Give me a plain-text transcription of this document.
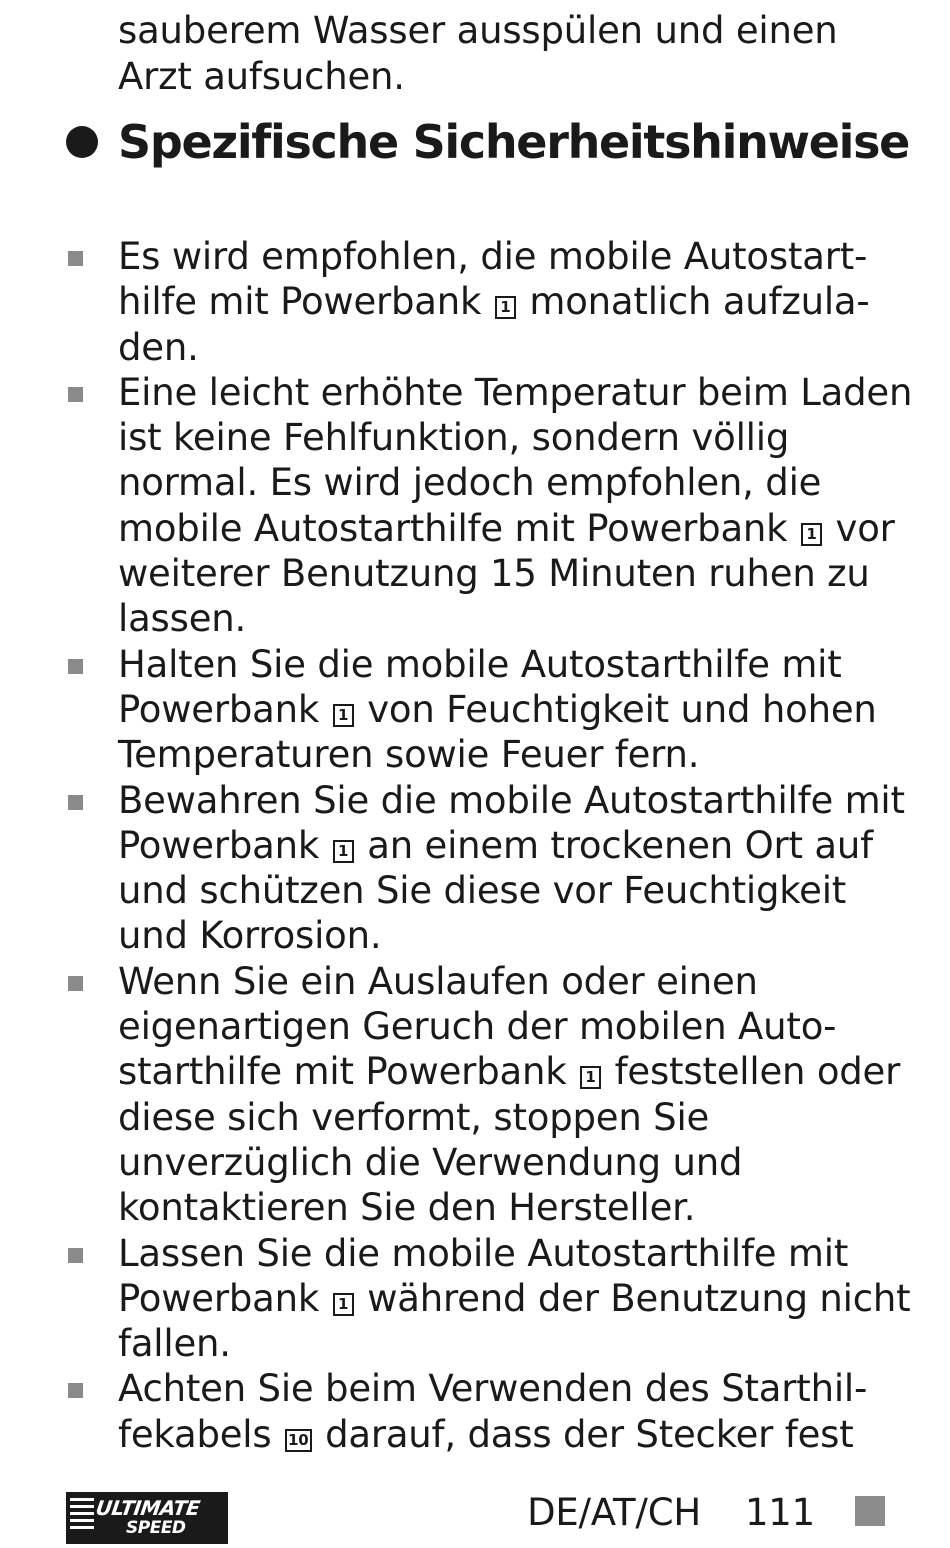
sauberem Wasser ausspülen und einen
Arzt aufsuchen.
Spezifische Sicherheitshinweise
Es wird empfohlen, die mobile Autostarthilfe mit Powerbank 1 monatlich aufzuladen.
Eine leicht erhöhte Temperatur beim Laden ist keine Fehlfunktion, sondern völlig normal. Es wird jedoch empfohlen, die mobile Autostarthilfe mit Powerbank 1 vor weiterer Benutzung 15 Minuten ruhen zu lassen.
Halten Sie die mobile Autostarthilfe mit Powerbank 1 von Feuchtigkeit und hohen Temperaturen sowie Feuer fern.
Bewahren Sie die mobile Autostarthilfe mit Powerbank 1 an einem trockenen Ort auf und schützen Sie diese vor Feuchtigkeit und Korrosion.
Wenn Sie ein Auslaufen oder einen eigenartigen Geruch der mobilen Autostarthilfe mit Powerbank 1 feststellen oder diese sich verformt, stoppen Sie unverzüglich die Verwendung und kontaktieren Sie den Hersteller.
Lassen Sie die mobile Autostarthilfe mit Powerbank 1 während der Benutzung nicht fallen.
Achten Sie beim Verwenden des Starthilfekabels 10 darauf, dass der Stecker fest
ULTIMATE
SPEED	DE/AT/CH 111
